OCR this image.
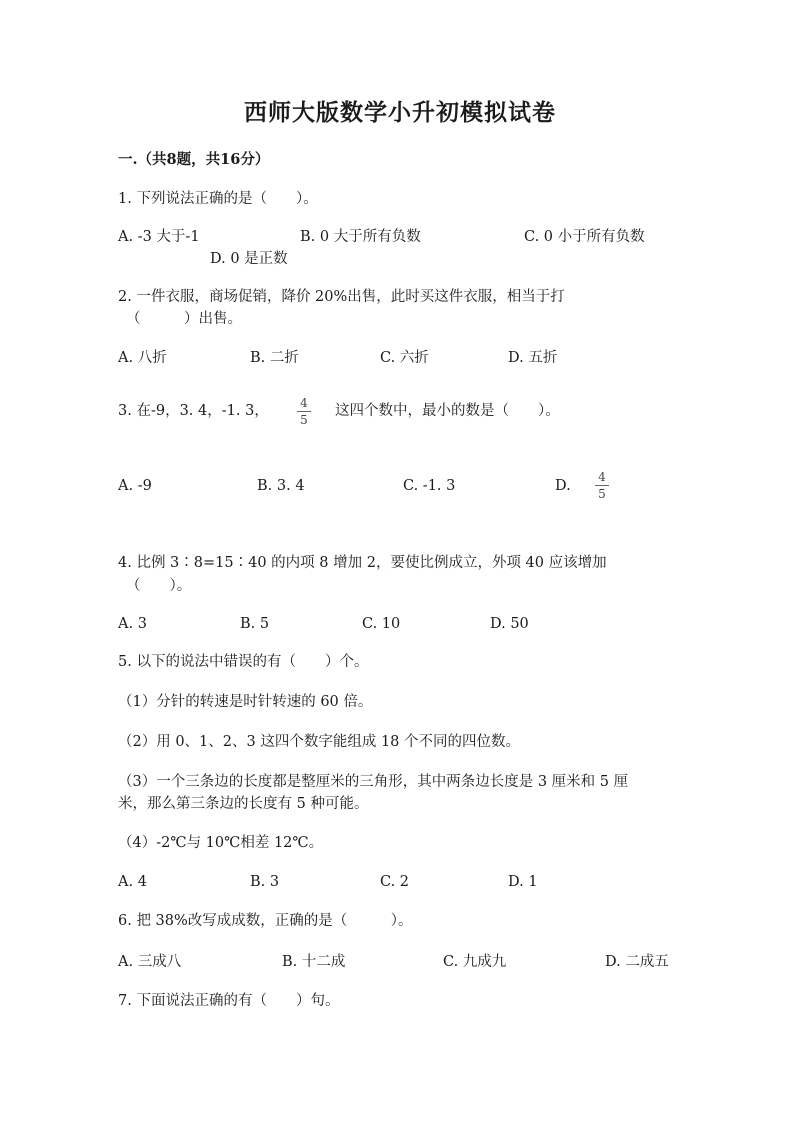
西师大版数学小升初模拟试卷
一.（共8题，共16分）
1. 下列说法正确的是（　　）。
A. -3 大于-1	B. 0 大于所有负数	C. 0 小于所有负数
D. 0 是正数
2. 一件衣服，商场促销，降价 20%出售，此时买这件衣服，相当于打
（　　　）出售。
A. 八折	B. 二折	C. 六折	D. 五折
3. 在-9，3. 4，-1. 3，	4
5
这四个数中，最小的数是（　　）。
A. -9	B. 3. 4	C. -1. 3	D.
4
5
4. 比例 3∶8=15∶40 的内项 8 增加 2，要使比例成立，外项 40 应该增加
（　　）。
A. 3	B. 5	C. 10	D. 50
5. 以下的说法中错误的有（　　）个。
（1）分针的转速是时针转速的 60 倍。
（2）用 0、1、2、3 这四个数字能组成 18 个不同的四位数。
（3）一个三条边的长度都是整厘米的三角形，其中两条边长度是 3 厘米和 5 厘
米，那么第三条边的长度有 5 种可能。
（4）-2℃与 10℃相差 12℃。
A. 4	B. 3	C. 2	D. 1
6. 把 38%改写成成数，正确的是（　　　）。
A. 三成八	B. 十二成	C. 九成九	D. 二成五
7. 下面说法正确的有（　　）句。
